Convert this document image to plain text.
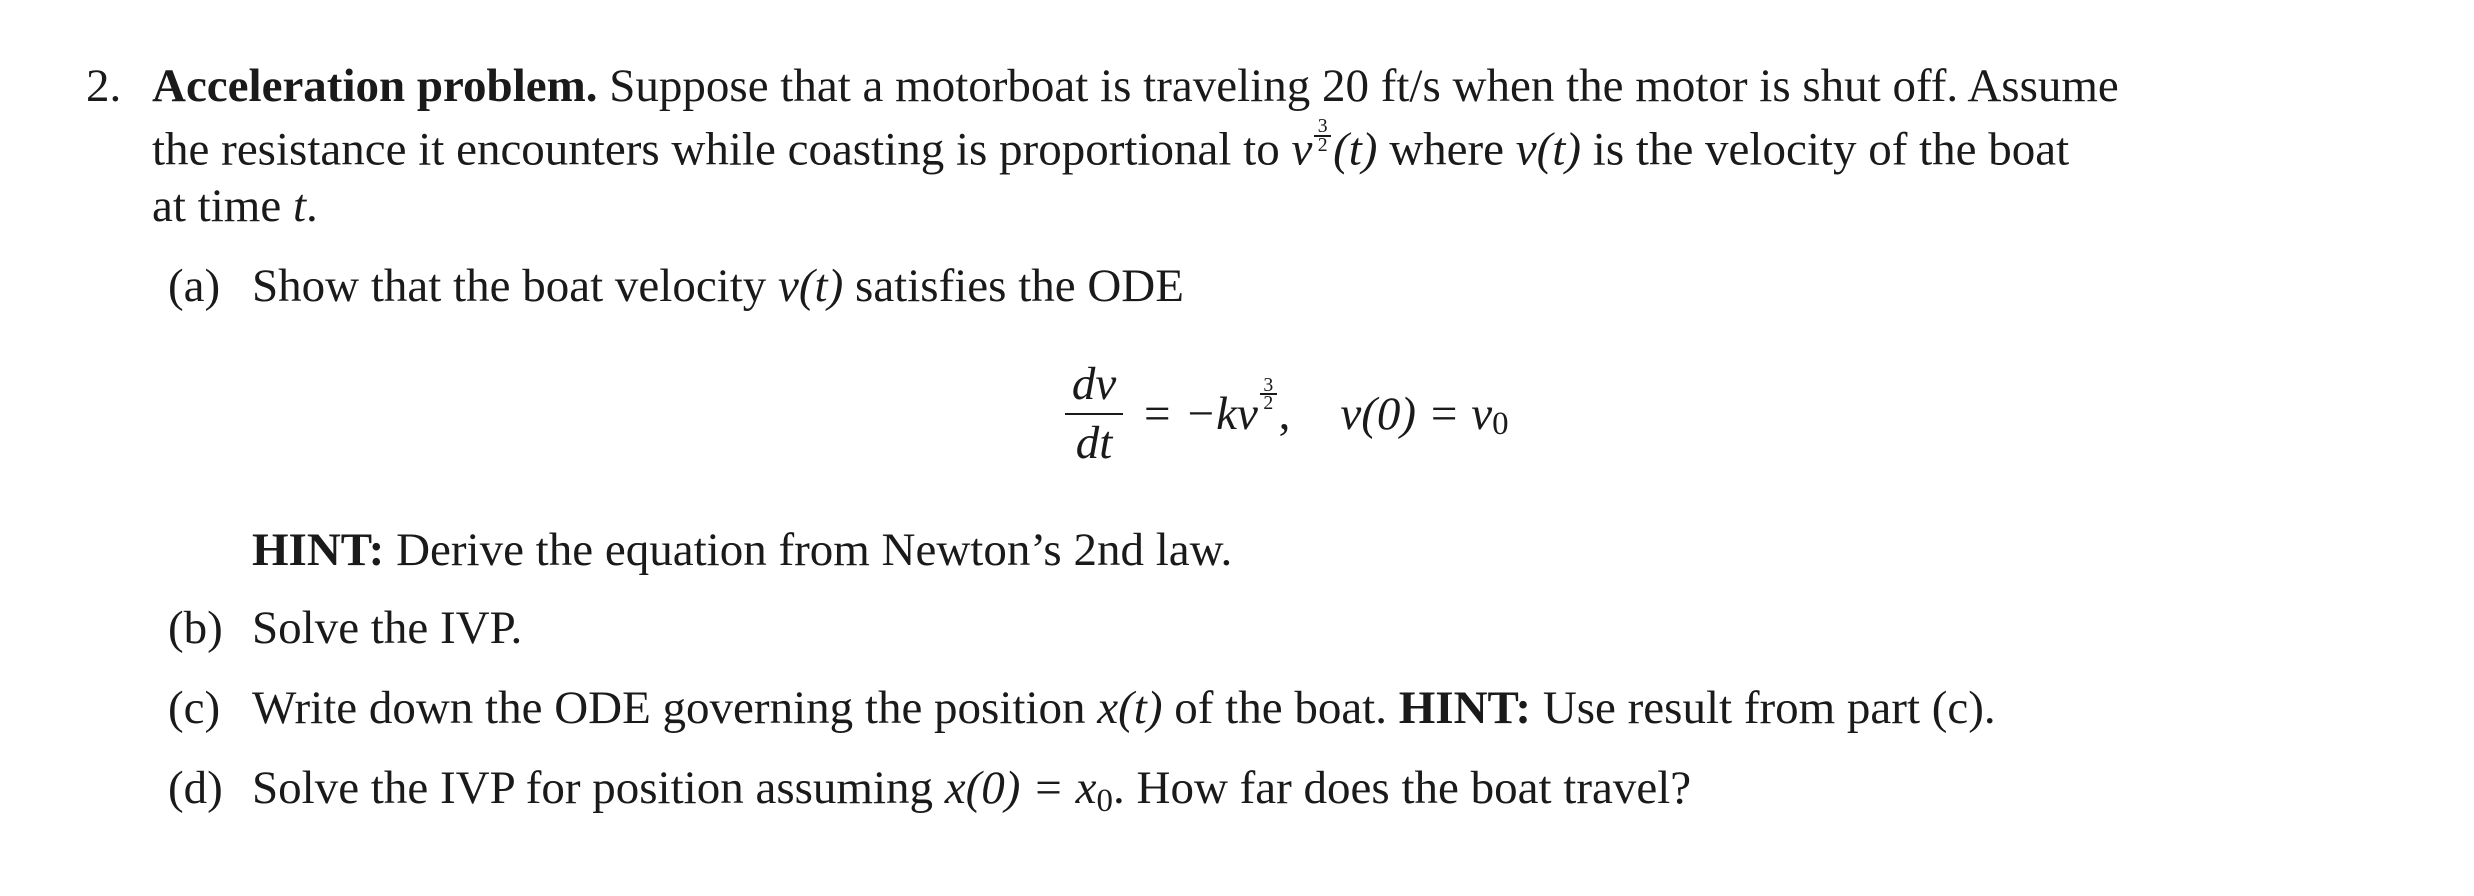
2. Acceleration problem. Suppose that a motorboat is traveling 20 ft/s when the motor is shut off. Assume
the resistance it encounters while coasting is proportional to v $\frac{3}{2} (t)$ where v(t) is the velocity of the boat
at time t.
(a) Show that the boat velocity v(t) satisfies the ODE
$\frac{dv}{dt} = -kv \frac{3}{2}$ , v(0) = v 0
HINT: Derive the equation from Newton’s 2nd law.
(b) Solve the IVP.
(c) Write down the ODE governing the position x(t) of the boat. HINT: Use result from part (c).
(d) Solve the IVP for position assuming $x(0) = x_0$. How far does the boat travel?
